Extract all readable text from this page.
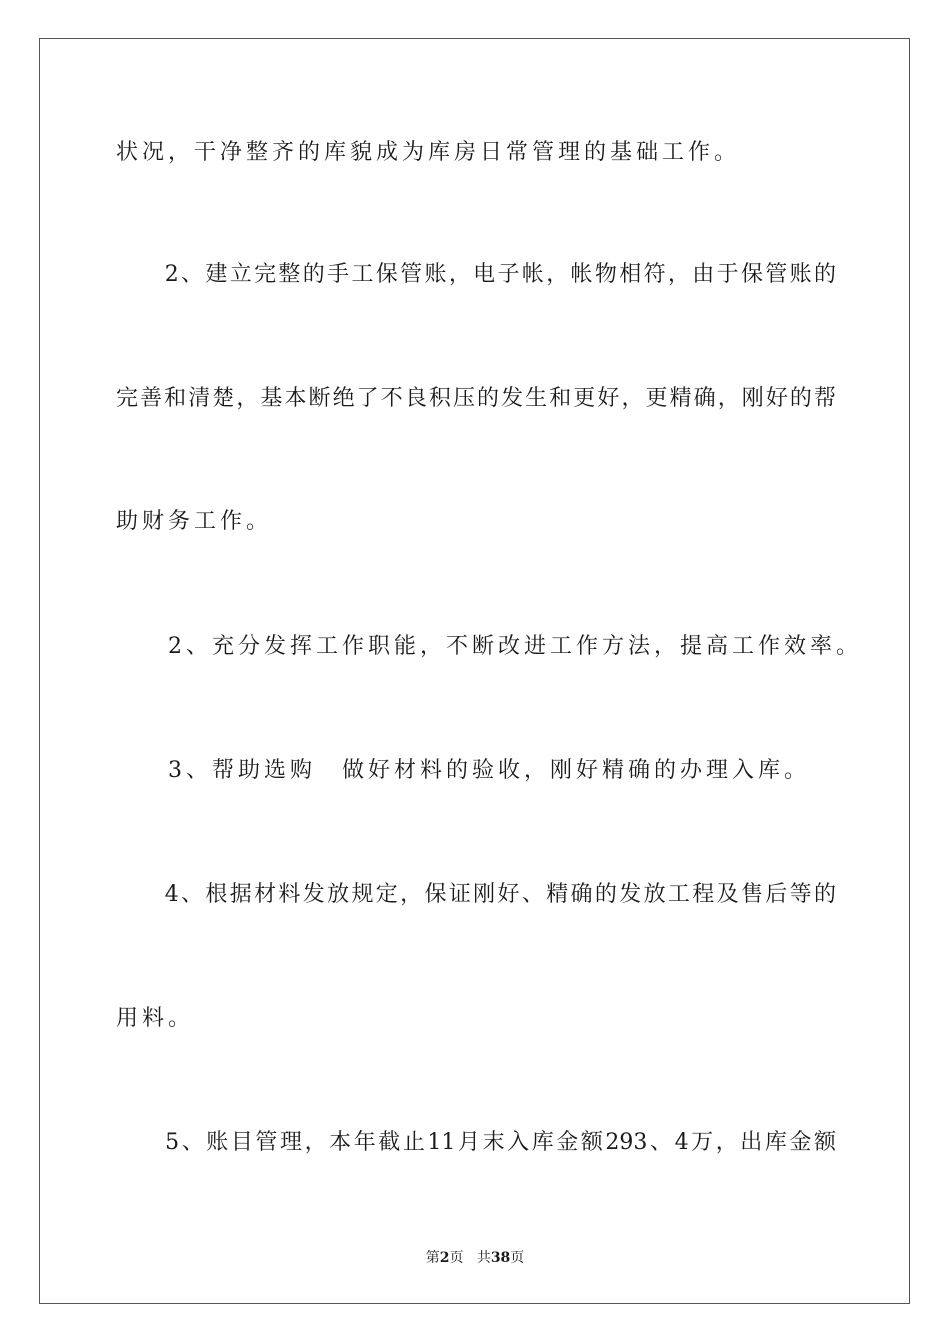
状况，干净整齐的库貌成为库房日常管理的基础工作。
　　2、建立完整的手工保管账，电子帐，帐物相符，由于保管账的
完善和清楚，基本断绝了不良积压的发生和更好，更精确，刚好的帮
助财务工作。
　　2、充分发挥工作职能，不断改进工作方法，提高工作效率。
　　3、帮助选购　做好材料的验收，刚好精确的办理入库。
　　4、根据材料发放规定，保证刚好、精确的发放工程及售后等的
用料。
　　5、账目管理，本年截止11月末入库金额293、4万，出库金额
第2页 共38页
